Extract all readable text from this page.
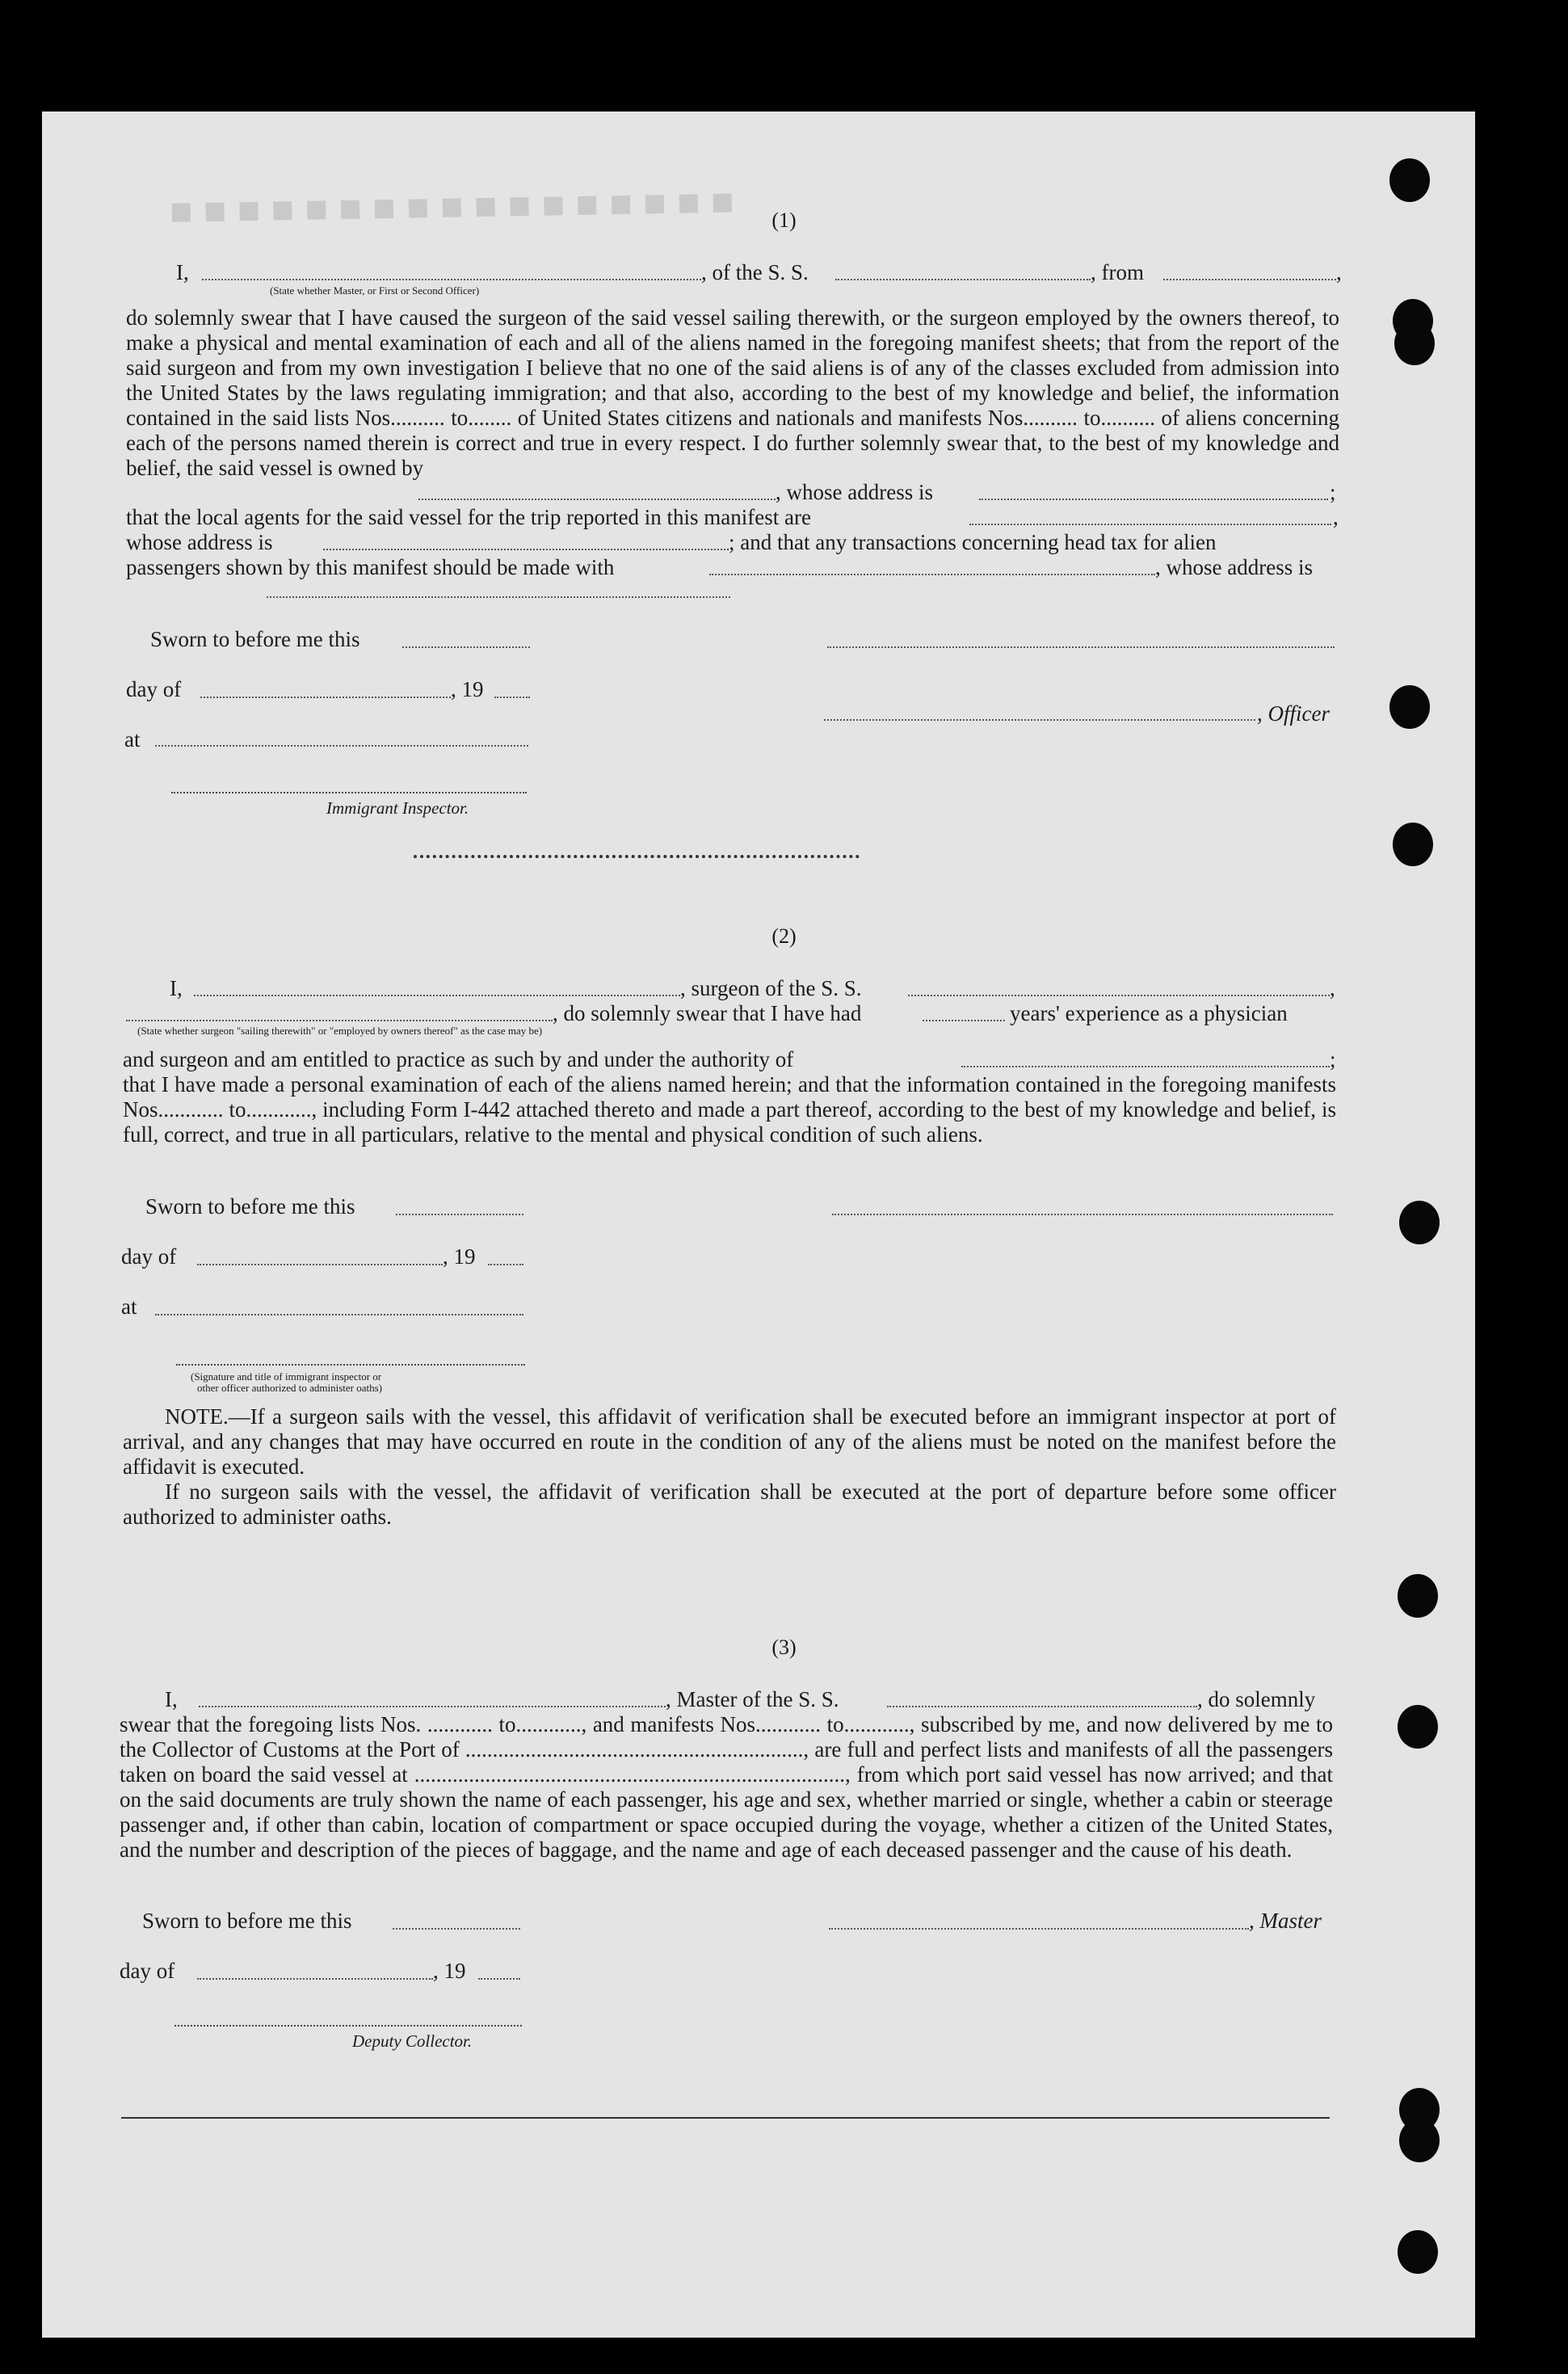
■ ■ ■ ■ ■ ■ ■ ■ ■ ■ ■ ■ ■ ■ ■ ■ ■	(1)
I,	, of the S. S.	, from	,
(State whether Master, or First or Second Officer)
do solemnly swear that I have caused the surgeon of the said vessel sailing therewith, or the surgeon employed by the owners thereof, to make a physical and mental examination of each and all of the aliens named in the foregoing manifest sheets; that from the report of the said surgeon and from my own investigation I believe that no one of the said aliens is of any of the classes excluded from admission into the United States by the laws regulating immigration; and that also, according to the best of my knowledge and belief, the information contained in the said lists Nos.......... to........ of United States citizens and nationals and manifests Nos.......... to.......... of aliens concerning each of the persons named therein is correct and true in every respect. I do further solemnly swear that, to the best of my knowledge and belief, the said vessel is owned by
, whose address is	;
that the local agents for the said vessel for the trip reported in this manifest are	,
whose address is	; and that any transactions concerning head tax for alien
passengers shown by this manifest should be made with	, whose address is
Sworn to before me this
day of	, 19
, Officer
at
Immigrant Inspector.
(2)
I,	, surgeon of the S. S.	,
, do solemnly swear that I have had	years' experience as a physician
(State whether surgeon "sailing therewith" or "employed by owners thereof" as the case may be)
and surgeon and am entitled to practice as such by and under the authority of	;
that I have made a personal examination of each of the aliens named herein; and that the information contained in the foregoing manifests Nos............ to............, including Form I-442 attached thereto and made a part thereof, according to the best of my knowledge and belief, is full, correct, and true in all particulars, relative to the mental and physical condition of such aliens.
Sworn to before me this
day of	, 19
at
(Signature and title of immigrant inspector or
other officer authorized to administer oaths)
NOTE.—If a surgeon sails with the vessel, this affidavit of verification shall be executed before an immigrant inspector at port of arrival, and any changes that may have occurred en route in the condition of any of the aliens must be noted on the manifest before the affidavit is executed.
If no surgeon sails with the vessel, the affidavit of verification shall be executed at the port of departure before some officer authorized to administer oaths.
(3)
I,	, Master of the S. S.	, do solemnly
swear that the foregoing lists Nos. ............ to............, and manifests Nos............ to............, subscribed by me, and now delivered by me to the Collector of Customs at the Port of .............................................................., are full and perfect lists and manifests of all the passengers taken on board the said vessel at ..............................................................................., from which port said vessel has now arrived; and that on the said documents are truly shown the name of each passenger, his age and sex, whether married or single, whether a cabin or steerage passenger and, if other than cabin, location of compartment or space occupied during the voyage, whether a citizen of the United States, and the number and description of the pieces of baggage, and the name and age of each deceased passenger and the cause of his death.
Sworn to before me this	, Master
day of	, 19
Deputy Collector.
